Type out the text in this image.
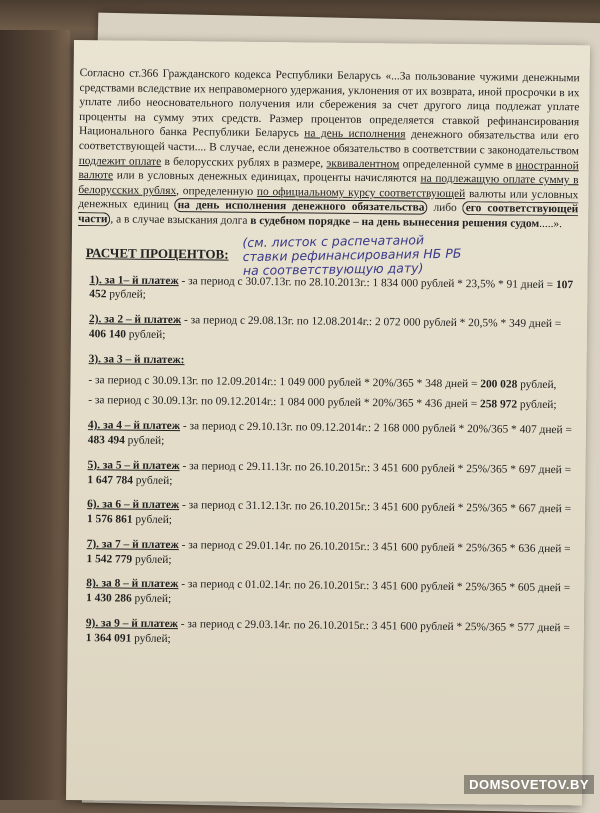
Согласно ст.366 Гражданского кодекса Республики Беларусь «...За пользование чужими денежными средствами вследствие их неправомерного удержания, уклонения от их возврата, иной просрочки в их уплате либо неосновательного получения или сбережения за счет другого лица подлежат уплате проценты на сумму этих средств. Размер процентов определяется ставкой рефинансирования Национального банка Республики Беларусь на день исполнения денежного обязательства или его соответствующей части.... В случае, если денежное обязательство в соответствии с законодательством подлежит оплате в белорусских рублях в размере, эквивалентном определенной сумме в иностранной валюте или в условных денежных единицах, проценты начисляются на подлежащую оплате сумму в белорусских рублях, определенную по официальному курсу соответствующей валюты или условных денежных единиц на день исполнения денежного обязательства либо его соответствующей части , а в случае взыскания долга в судебном порядке – на день вынесения решения судом.....».

РАСЧЕТ ПРОЦЕНТОВ:
(см. листок с распечатаной
ставки рефинансирования НБ РБ
на соответствующую дату)
1). за 1– й платеж - за период с 30.07.13г. по 28.10.2013г.: 1 834 000 рублей * 23,5% * 91 дней = 107 452 рублей;
2). за 2 – й платеж - за период с 29.08.13г. по 12.08.2014г.: 2 072 000 рублей * 20,5% * 349 дней = 406 140 рублей;
3). за 3 – й платеж:
- за период с 30.09.13г. по 12.09.2014г.: 1 049 000 рублей * 20%/365 * 348 дней = 200 028 рублей,
- за период с 30.09.13г. по 09.12.2014г.: 1 084 000 рублей * 20%/365 * 436 дней = 258 972 рублей;
4). за 4 – й платеж - за период с 29.10.13г. по 09.12.2014г.: 2 168 000 рублей * 20%/365 * 407 дней = 483 494 рублей;
5). за 5 – й платеж - за период с 29.11.13г. по 26.10.2015г.: 3 451 600 рублей * 25%/365 * 697 дней = 1 647 784 рублей;
6). за 6 – й платеж - за период с 31.12.13г. по 26.10.2015г.: 3 451 600 рублей * 25%/365 * 667 дней = 1 576 861 рублей;
7). за 7 – й платеж - за период с 29.01.14г. по 26.10.2015г.: 3 451 600 рублей * 25%/365 * 636 дней = 1 542 779 рублей;
8). за 8 – й платеж - за период с 01.02.14г. по 26.10.2015г.: 3 451 600 рублей * 25%/365 * 605 дней = 1 430 286 рублей;
9). за 9 – й платеж - за период с 29.03.14г. по 26.10.2015г.: 3 451 600 рублей * 25%/365 * 577 дней = 1 364 091 рублей;
DOMSOVETOV.BY
